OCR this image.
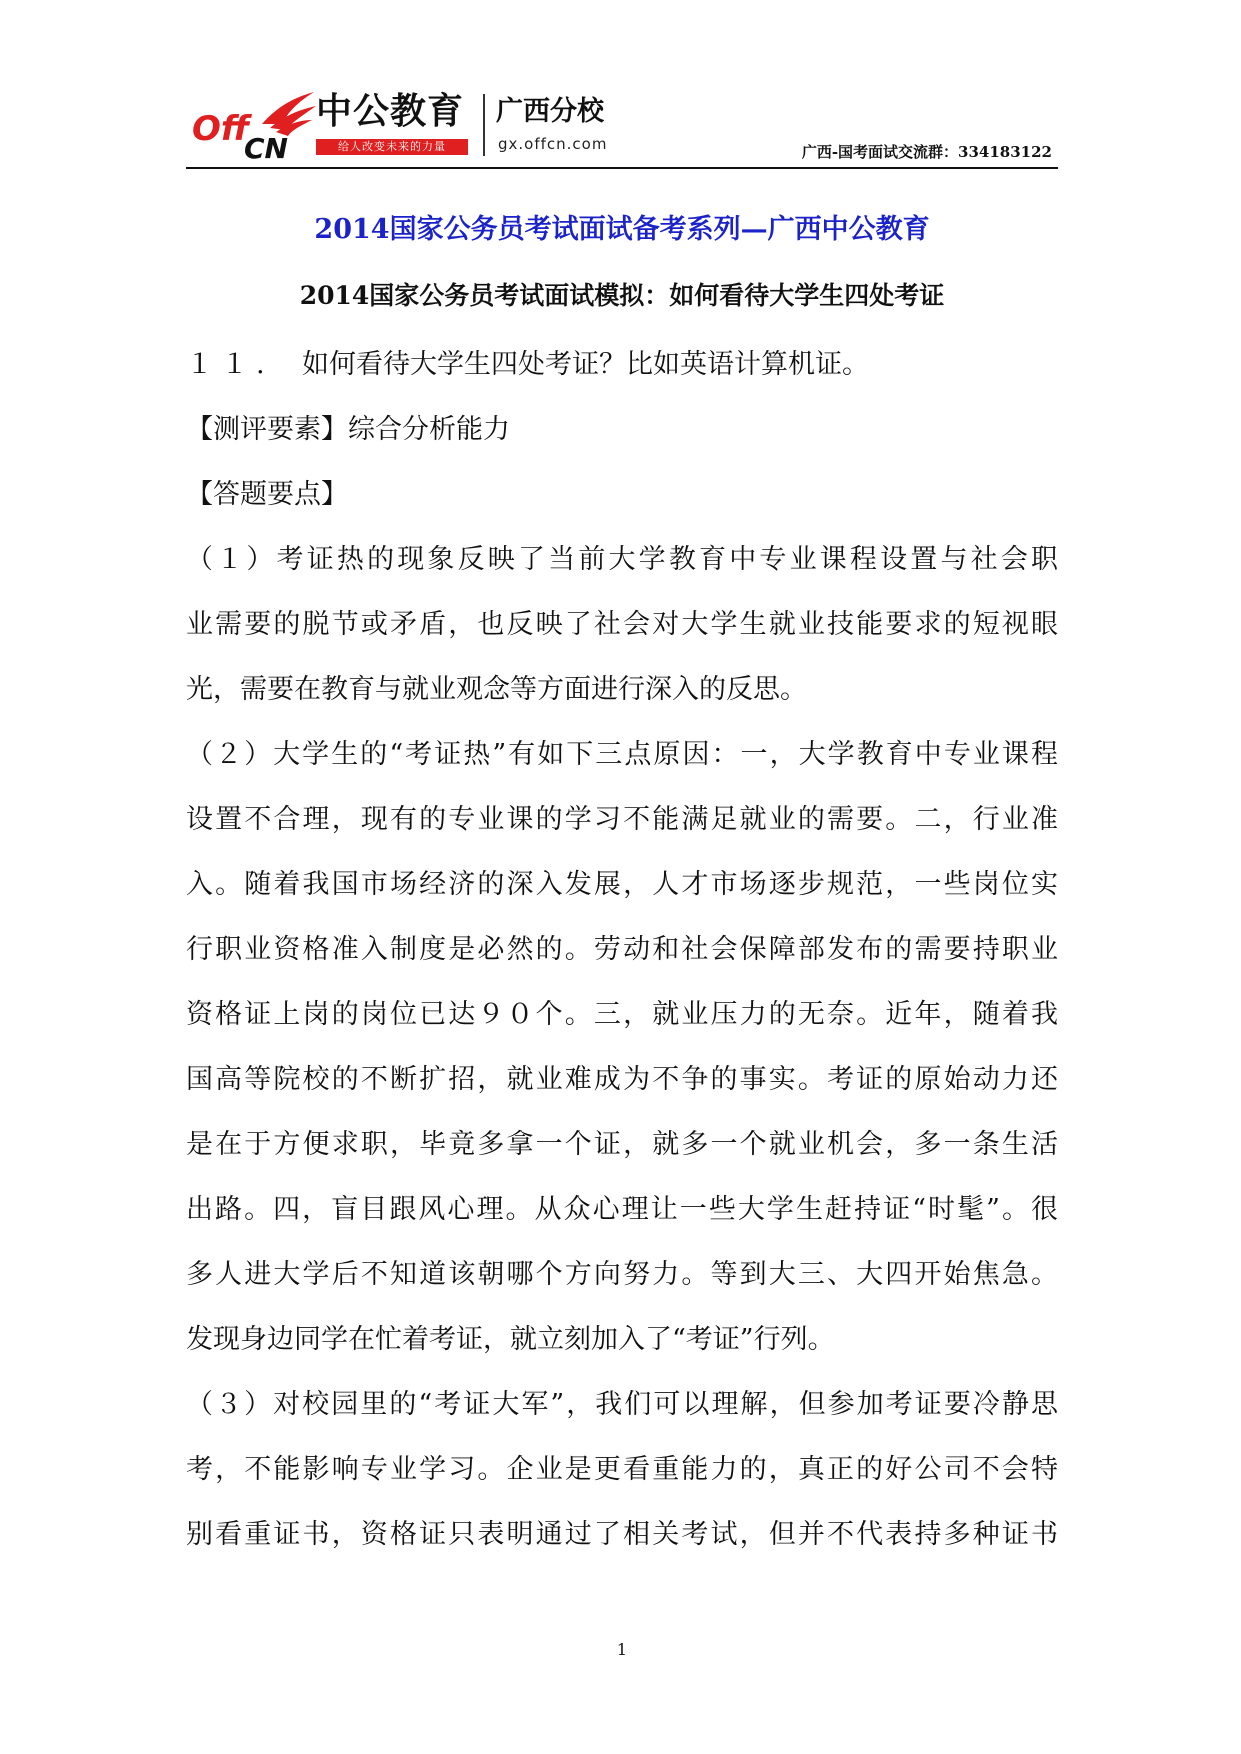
Off
CN
中公教育
给人改变未来的力量
广西分校
gx.offcn.com	广西-国考面试交流群：334183122
2014国家公务员考试面试备考系列—广西中公教育
2014国家公务员考试面试模拟：如何看待大学生四处考证
１１. 如何看待大学生四处考证？比如英语计算机证。
【测评要素】综合分析能力
【答题要点】
（１）考证热的现象反映了当前大学教育中专业课程设置与社会职
业需要的脱节或矛盾，也反映了社会对大学生就业技能要求的短视眼
光，需要在教育与就业观念等方面进行深入的反思。
（２）大学生的“考证热”有如下三点原因：一，大学教育中专业课程
设置不合理，现有的专业课的学习不能满足就业的需要。二，行业准
入。随着我国市场经济的深入发展，人才市场逐步规范，一些岗位实
行职业资格准入制度是必然的。劳动和社会保障部发布的需要持职业
资格证上岗的岗位已达９０个。三，就业压力的无奈。近年，随着我
国高等院校的不断扩招，就业难成为不争的事实。考证的原始动力还
是在于方便求职，毕竟多拿一个证，就多一个就业机会，多一条生活
出路。四，盲目跟风心理。从众心理让一些大学生赶持证“时髦”。很
多人进大学后不知道该朝哪个方向努力。等到大三、大四开始焦急。
发现身边同学在忙着考证，就立刻加入了“考证”行列。
（３）对校园里的“考证大军”，我们可以理解，但参加考证要冷静思
考，不能影响专业学习。企业是更看重能力的，真正的好公司不会特
别看重证书，资格证只表明通过了相关考试，但并不代表持多种证书
1
